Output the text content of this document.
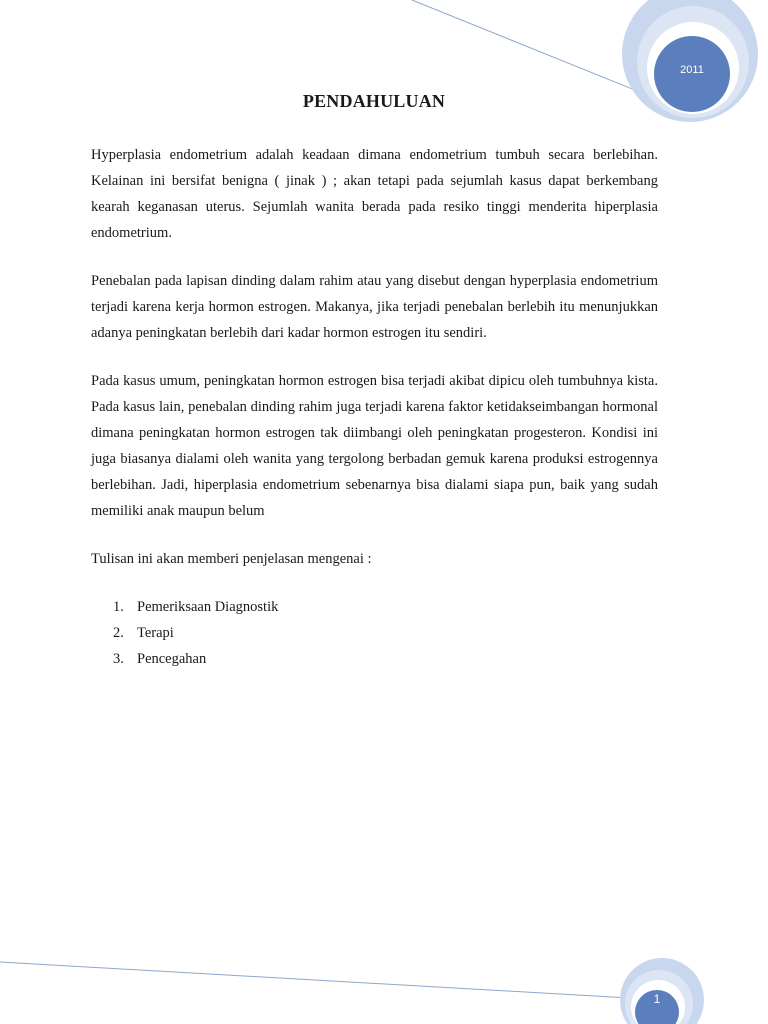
2011
PENDAHULUAN

Hyperplasia endometrium adalah keadaan dimana endometrium tumbuh secara berlebihan. Kelainan ini bersifat benigna ( jinak ) ; akan tetapi pada sejumlah kasus dapat berkembang kearah keganasan uterus. Sejumlah wanita berada pada resiko tinggi menderita hiperplasia endometrium.

Penebalan pada lapisan dinding dalam rahim atau yang disebut dengan hyperplasia endometrium terjadi karena kerja hormon estrogen. Makanya, jika terjadi penebalan berlebih itu menunjukkan adanya peningkatan berlebih dari kadar hormon estrogen itu sendiri.

Pada kasus umum, peningkatan hormon estrogen bisa terjadi akibat dipicu oleh tumbuhnya kista. Pada kasus lain, penebalan dinding rahim juga terjadi karena faktor ketidakseimbangan hormonal dimana peningkatan hormon estrogen tak diimbangi oleh peningkatan progesteron. Kondisi ini juga biasanya dialami oleh wanita yang tergolong berbadan gemuk karena produksi estrogennya berlebihan. Jadi, hiperplasia endometrium sebenarnya bisa dialami siapa pun, baik yang sudah memiliki anak maupun belum

Tulisan ini akan memberi penjelasan mengenai :

1. Pemeriksaan Diagnostik
2. Terapi
3. Pencegahan
1
